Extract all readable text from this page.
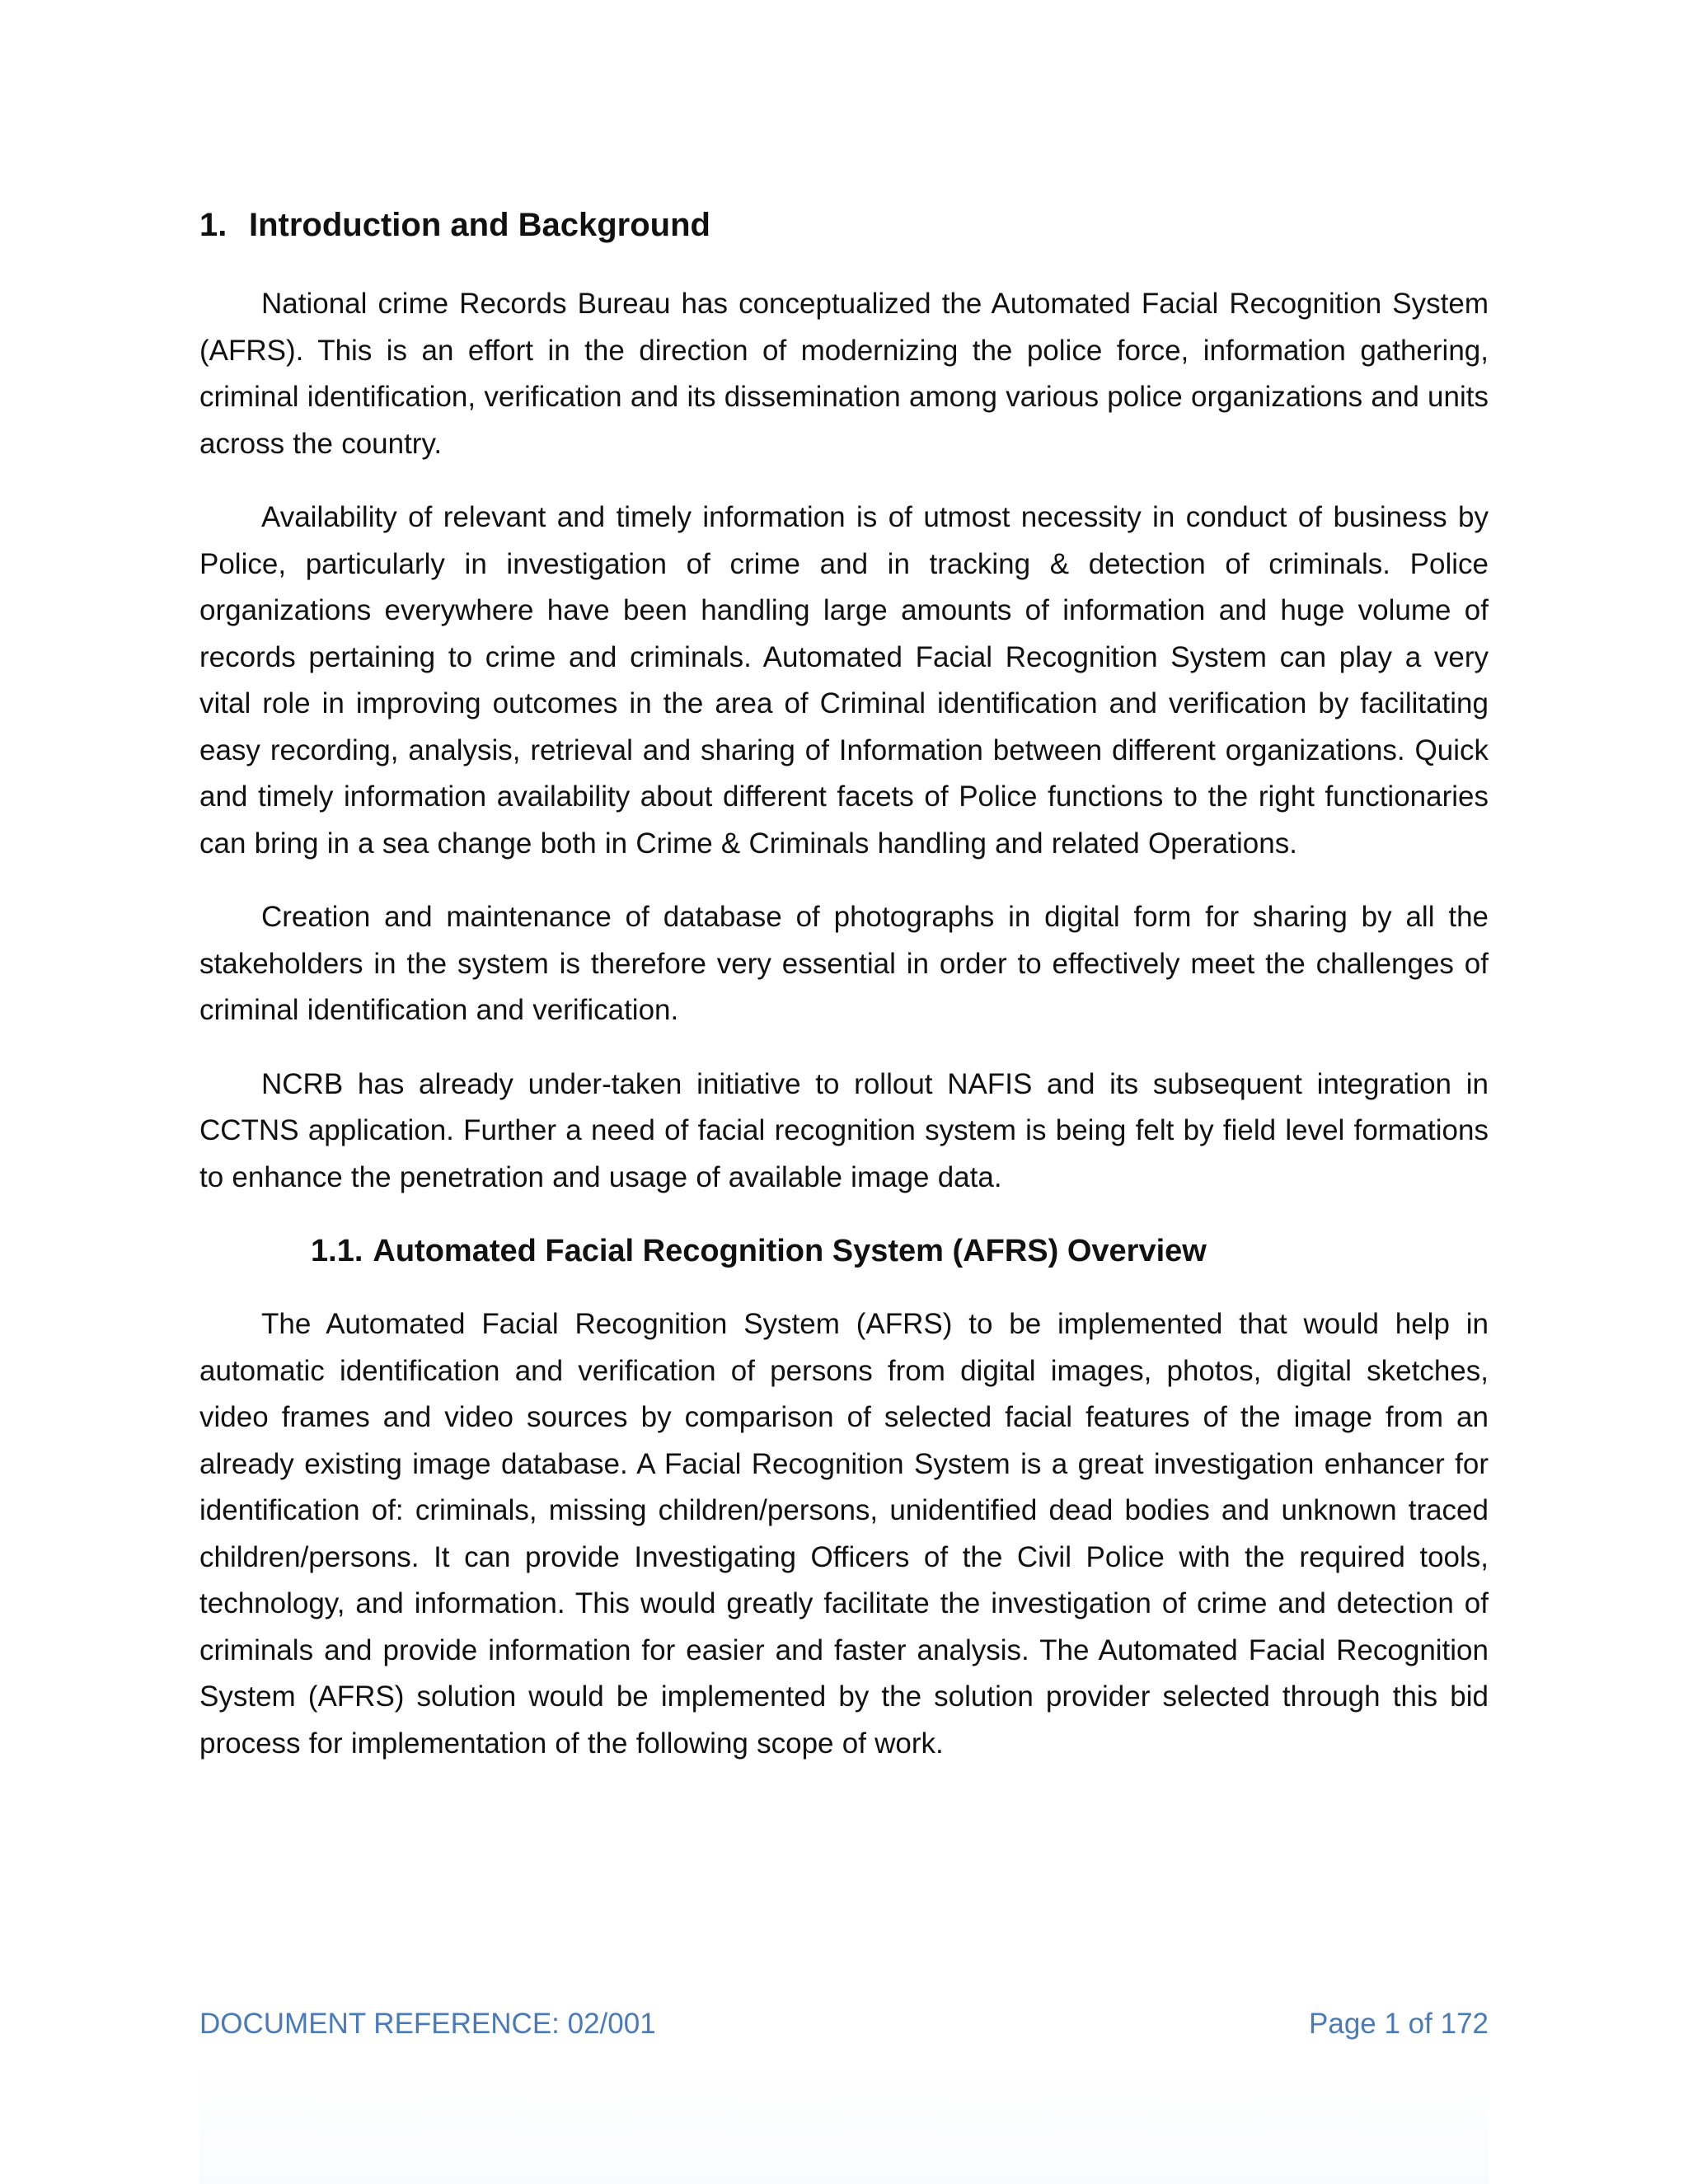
1. Introduction and Background

National crime Records Bureau has conceptualized the Automated Facial Recognition System (AFRS). This is an effort in the direction of modernizing the police force, information gathering, criminal identification, verification and its dissemination among various police organizations and units across the country.

Availability of relevant and timely information is of utmost necessity in conduct of business by Police, particularly in investigation of crime and in tracking & detection of criminals. Police organizations everywhere have been handling large amounts of information and huge volume of records pertaining to crime and criminals. Automated Facial Recognition System can play a very vital role in improving outcomes in the area of Criminal identification and verification by facilitating easy recording, analysis, retrieval and sharing of Information between different organizations. Quick and timely information availability about different facets of Police functions to the right functionaries can bring in a sea change both in Crime & Criminals handling and related Operations.

Creation and maintenance of database of photographs in digital form for sharing by all the stakeholders in the system is therefore very essential in order to effectively meet the challenges of criminal identification and verification.

NCRB has already under-taken initiative to rollout NAFIS and its subsequent integration in CCTNS application. Further a need of facial recognition system is being felt by field level formations to enhance the penetration and usage of available image data.

1.1. Automated Facial Recognition System (AFRS) Overview

The Automated Facial Recognition System (AFRS) to be implemented that would help in automatic identification and verification of persons from digital images, photos, digital sketches, video frames and video sources by comparison of selected facial features of the image from an already existing image database. A Facial Recognition System is a great investigation enhancer for identification of: criminals, missing children/persons, unidentified dead bodies and unknown traced children/persons. It can provide Investigating Officers of the Civil Police with the required tools, technology, and information. This would greatly facilitate the investigation of crime and detection of criminals and provide information for easier and faster analysis. The Automated Facial Recognition System (AFRS) solution would be implemented by the solution provider selected through this bid process for implementation of the following scope of work.

DOCUMENT REFERENCE: 02/001	Page 1 of 172
